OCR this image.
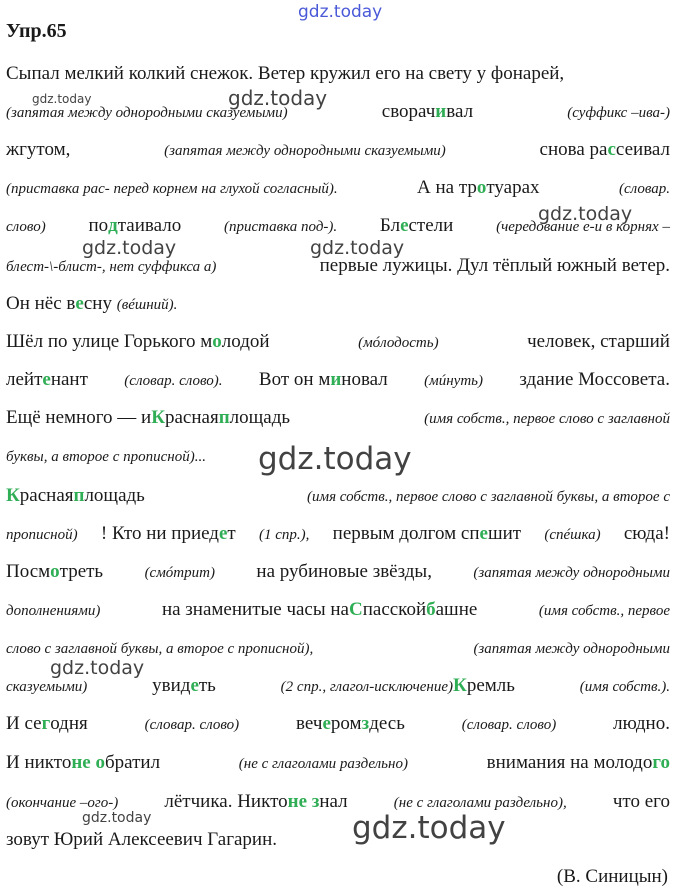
Упр.65
Сыпал мелкий колкий снежок. Ветер кружил его на свету у фонарей,
(запятая между однородными сказуемыми)	сворачивал	(суффикс –ива-)
жгутом,	(запятая между однородными сказуемыми)	снова рассеивал
(приставка рас- перед корнем на глухой согласный).	А на тротуарах	(словар.
слово) подтаивало	(приставка под-). Блестели	(чередование е-и в корнях –
блест-\-блист-, нет суффикса а)	первые лужицы. Дул тёплый южный ветер.
Он нёс весну (вéшний).
Шёл по улице Горького молодой	(мóлодость)	человек, старший
лейтенант (словар. слово). Вот он миновал (мúнуть) здание Моссовета.
Ещё немного — иКраснаяплощадь	(имя собств., первое слово с заглавной
буквы, а второе с прописной)...
Краснаяплощадь	(имя собств., первое слово с заглавной буквы, а второе с
прописной) ! Кто ни приедет (1 спр.), первым долгом спешит (спéшка) сюда!
Посмотреть	(смóтрит) на рубиновые звёзды,	(запятая между однородными
дополнениями)	на знаменитые часы наСпасскойбашне	(имя собств., первое
слово с заглавной буквы, а второе с прописной),	(запятая между однородными
сказуемыми)	увидеть	(2 спр., глагол-исключение)Кремль	(имя собств.).
И сегодня	(словар. слово)	вечеромздесь	(словар. слово)	людно.
И никтоне обратил	(не с глаголами раздельно)	внимания на молодого
(окончание –ого-) лётчика. Никтоне знал	(не с глаголами раздельно), что его
зовут Юрий Алексеевич Гагарин.
(В. Синицын)
gdz.today
gdz.today
gdz.today
gdz.today
gdz.today	gdz.today
gdz.today
gdz.today
gdz.today	gdz.today
